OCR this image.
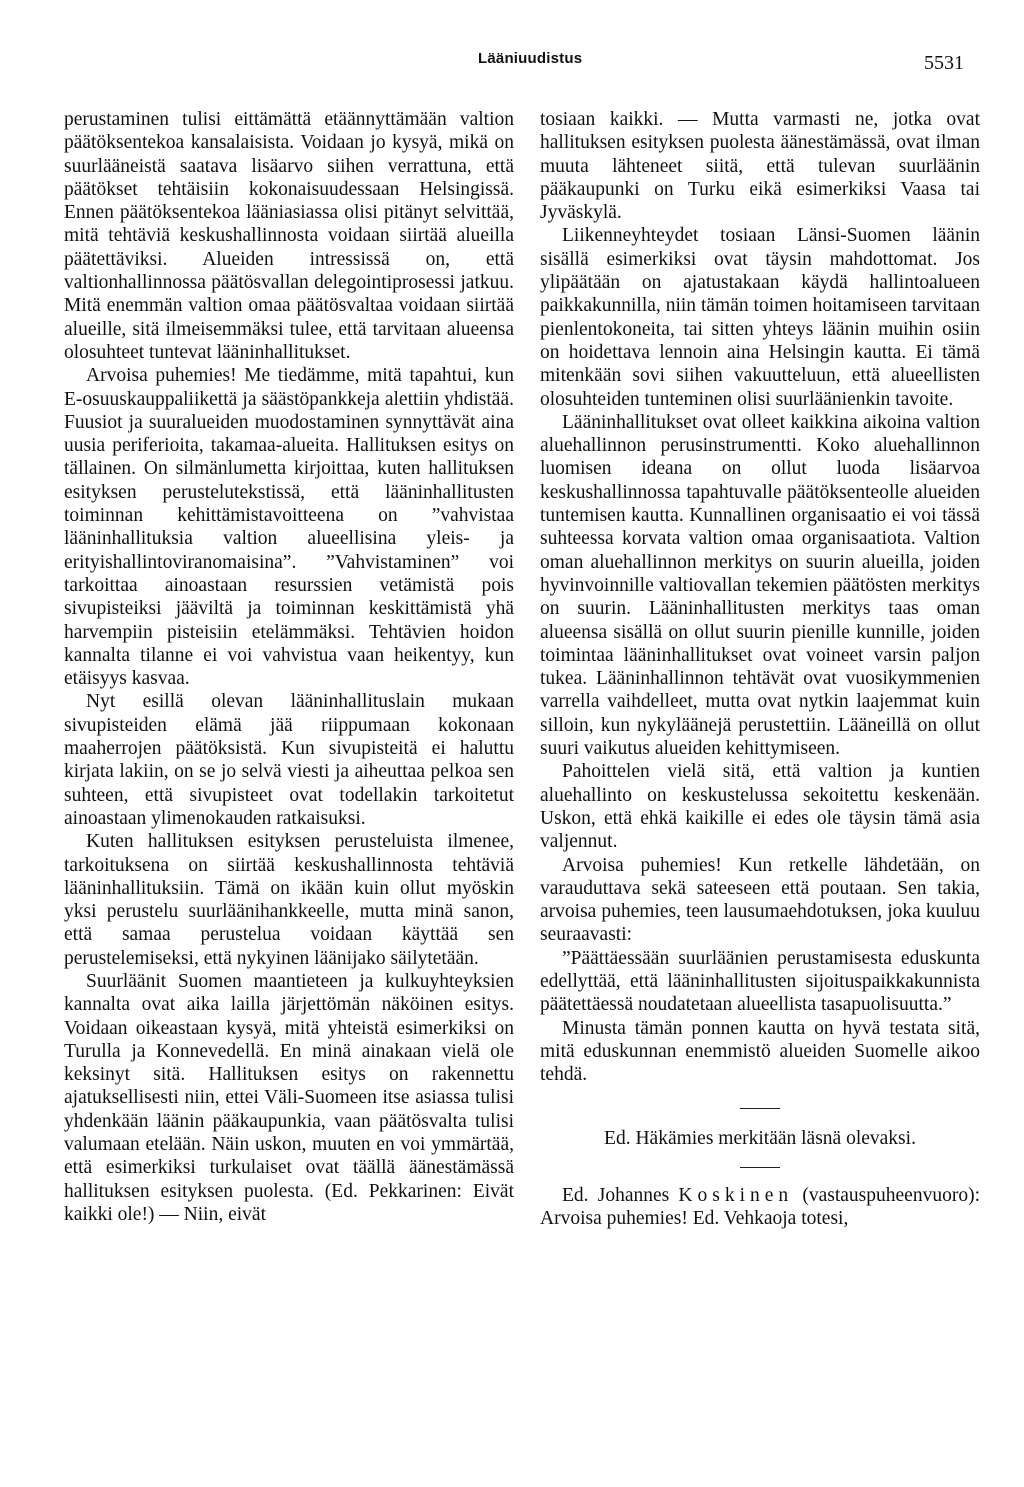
Lääniuudistus	5531

perustaminen tulisi eittämättä etäännyttämään valtion päätöksentekoa kansalaisista. Voidaan jo kysyä, mikä on suurlääneistä saatava lisäarvo siihen verrattuna, että päätökset tehtäisiin kokonaisuudessaan Helsingissä. Ennen päätöksentekoa lääniasiassa olisi pitänyt selvittää, mitä tehtäviä keskushallinnosta voidaan siirtää alueilla päätettäviksi. Alueiden intressissä on, että valtionhallinnossa päätösvallan delegointiprosessi jatkuu. Mitä enemmän valtion omaa päätösvaltaa voidaan siirtää alueille, sitä ilmeisemmäksi tulee, että tarvitaan alueensa olosuhteet tuntevat lääninhallitukset.

Arvoisa puhemies! Me tiedämme, mitä tapahtui, kun E-osuuskauppaliikettä ja säästöpankkeja alettiin yhdistää. Fuusiot ja suuralueiden muodostaminen synnyttävät aina uusia periferioita, takamaa-alueita. Hallituksen esitys on tällainen. On silmänlumetta kirjoittaa, kuten hallituksen esityksen perustelutekstissä, että lääninhallitusten toiminnan kehittämistavoitteena on ”vahvistaa lääninhallituksia valtion alueellisina yleis- ja erityishallintoviranomaisina”. ”Vahvistaminen” voi tarkoittaa ainoastaan resurssien vetämistä pois sivupisteiksi jääviltä ja toiminnan keskittämistä yhä harvempiin pisteisiin etelämmäksi. Tehtävien hoidon kannalta tilanne ei voi vahvistua vaan heikentyy, kun etäisyys kasvaa.

Nyt esillä olevan lääninhallituslain mukaan sivupisteiden elämä jää riippumaan kokonaan maaherrojen päätöksistä. Kun sivupisteitä ei haluttu kirjata lakiin, on se jo selvä viesti ja aiheuttaa pelkoa sen suhteen, että sivupisteet ovat todellakin tarkoitetut ainoastaan ylimenokauden ratkaisuksi.

Kuten hallituksen esityksen perusteluista ilmenee, tarkoituksena on siirtää keskushallinnosta tehtäviä lääninhallituksiin. Tämä on ikään kuin ollut myöskin yksi perustelu suurläänihankkeelle, mutta minä sanon, että samaa perustelua voidaan käyttää sen perustelemiseksi, että nykyinen läänijako säilytetään.

Suurläänit Suomen maantieteen ja kulkuyhteyksien kannalta ovat aika lailla järjettömän näköinen esitys. Voidaan oikeastaan kysyä, mitä yhteistä esimerkiksi on Turulla ja Konnevedellä. En minä ainakaan vielä ole keksinyt sitä. Hallituksen esitys on rakennettu ajatuksellisesti niin, ettei Väli-Suomeen itse asiassa tulisi yhdenkään läänin pääkaupunkia, vaan päätösvalta tulisi valumaan etelään. Näin uskon, muuten en voi ymmärtää, että esimerkiksi turkulaiset ovat täällä äänestämässä hallituksen esityksen puolesta. (Ed. Pekkarinen: Eivät kaikki ole!) — Niin, eivät

tosiaan kaikki. — Mutta varmasti ne, jotka ovat hallituksen esityksen puolesta äänestämässä, ovat ilman muuta lähteneet siitä, että tulevan suurläänin pääkaupunki on Turku eikä esimerkiksi Vaasa tai Jyväskylä.

Liikenneyhteydet tosiaan Länsi-Suomen läänin sisällä esimerkiksi ovat täysin mahdottomat. Jos ylipäätään on ajatustakaan käydä hallintoalueen paikkakunnilla, niin tämän toimen hoitamiseen tarvitaan pienlentokoneita, tai sitten yhteys läänin muihin osiin on hoidettava lennoin aina Helsingin kautta. Ei tämä mitenkään sovi siihen vakuutteluun, että alueellisten olosuhteiden tunteminen olisi suurläänienkin tavoite.

Lääninhallitukset ovat olleet kaikkina aikoina valtion aluehallinnon perusinstrumentti. Koko aluehallinnon luomisen ideana on ollut luoda lisäarvoa keskushallinnossa tapahtuvalle päätöksenteolle alueiden tuntemisen kautta. Kunnallinen organisaatio ei voi tässä suhteessa korvata valtion omaa organisaatiota. Valtion oman aluehallinnon merkitys on suurin alueilla, joiden hyvinvoinnille valtiovallan tekemien päätösten merkitys on suurin. Lääninhallitusten merkitys taas oman alueensa sisällä on ollut suurin pienille kunnille, joiden toimintaa lääninhallitukset ovat voineet varsin paljon tukea. Lääninhallinnon tehtävät ovat vuosikymmenien varrella vaihdelleet, mutta ovat nytkin laajemmat kuin silloin, kun nykyläänejä perustettiin. Lääneillä on ollut suuri vaikutus alueiden kehittymiseen.

Pahoittelen vielä sitä, että valtion ja kuntien aluehallinto on keskustelussa sekoitettu keskenään. Uskon, että ehkä kaikille ei edes ole täysin tämä asia valjennut.

Arvoisa puhemies! Kun retkelle lähdetään, on varauduttava sekä sateeseen että poutaan. Sen takia, arvoisa puhemies, teen lausumaehdotuksen, joka kuuluu seuraavasti:

”Päättäessään suurläänien perustamisesta eduskunta edellyttää, että lääninhallitusten sijoituspaikkakunnista päätettäessä noudatetaan alueellista tasapuolisuutta.”

Minusta tämän ponnen kautta on hyvä testata sitä, mitä eduskunnan enemmistö alueiden Suomelle aikoo tehdä.

Ed. Häkämies merkitään läsnä olevaksi.

Ed. Johannes Koskinen (vastauspuheenvuoro): Arvoisa puhemies! Ed. Vehkaoja totesi,
